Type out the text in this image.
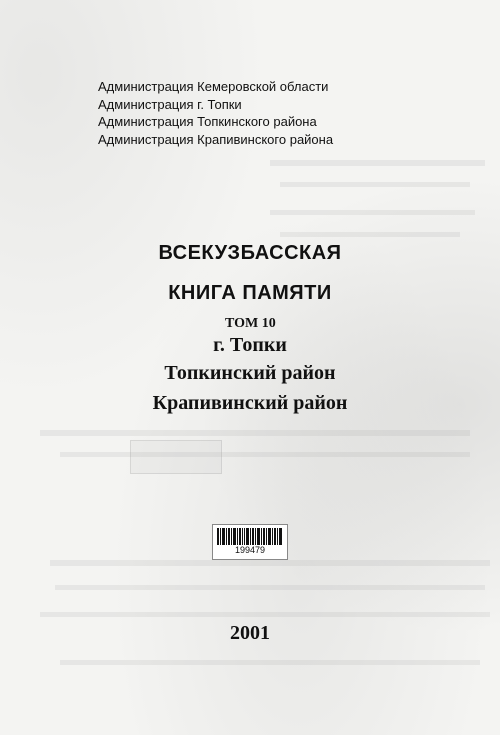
Администрация Кемеровской области
Администрация г. Топки
Администрация Топкинского района
Администрация Крапивинского района
ВСЕКУЗБАССКАЯ
КНИГА ПАМЯТИ
ТОМ 10
г. Топки
Топкинский район
Крапивинский район
199479
2001
